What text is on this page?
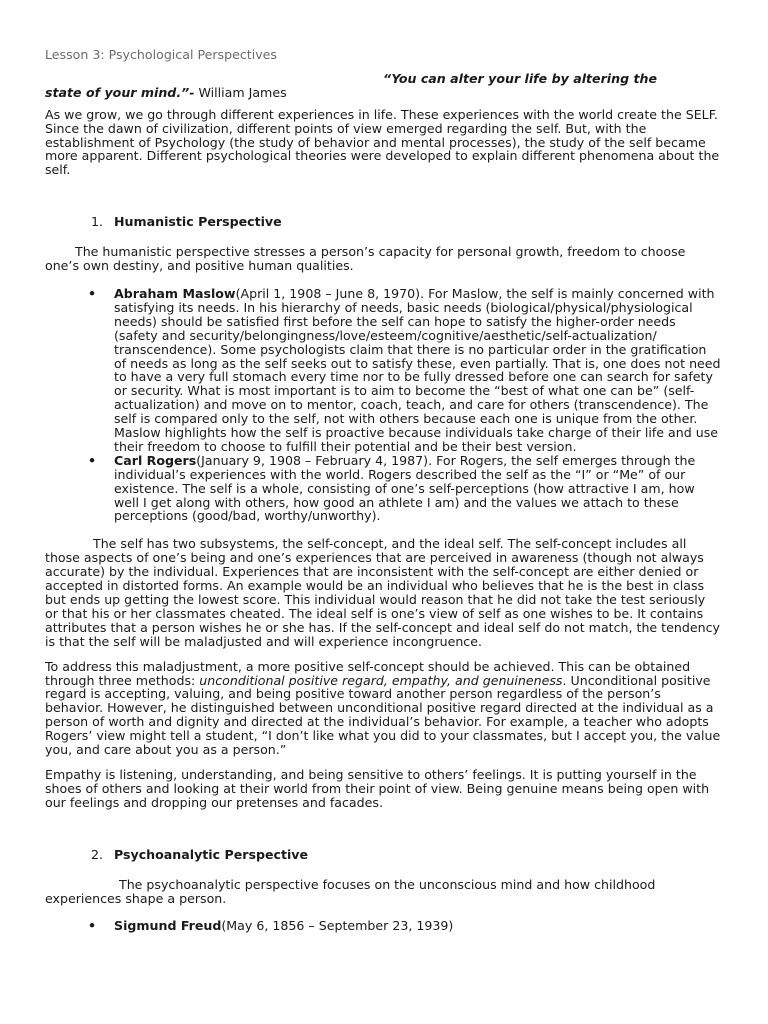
Lesson 3: Psychological Perspectives
“You can alter your life by altering the
state of your mind.”- William James

As we grow, we go through different experiences in life. These experiences with the world create the SELF. Since the dawn of civilization, different points of view emerged regarding the self. But, with the establishment of Psychology (the study of behavior and mental processes), the study of the self became more apparent. Different psychological theories were developed to explain different phenomena about the self.

1. Humanistic Perspective

The humanistic perspective stresses a person’s capacity for personal growth, freedom to choose one’s own destiny, and positive human qualities.

• Abraham Maslow(April 1, 1908 – June 8, 1970). For Maslow, the self is mainly concerned with satisfying its needs. In his hierarchy of needs, basic needs (biological/physical/physiological needs) should be satisfied first before the self can hope to satisfy the higher-order needs (safety and security/belongingness/love/esteem/cognitive/aesthetic/self-actualization/ transcendence). Some psychologists claim that there is no particular order in the gratification of needs as long as the self seeks out to satisfy these, even partially. That is, one does not need to have a very full stomach every time nor to be fully dressed before one can search for safety or security. What is most important is to aim to become the “best of what one can be” (self-actualization) and move on to mentor, coach, teach, and care for others (transcendence). The self is compared only to the self, not with others because each one is unique from the other. Maslow highlights how the self is proactive because individuals take charge of their life and use their freedom to choose to fulfill their potential and be their best version.
• Carl Rogers(January 9, 1908 – February 4, 1987). For Rogers, the self emerges through the individual’s experiences with the world. Rogers described the self as the “I” or “Me” of our existence. The self is a whole, consisting of one’s self-perceptions (how attractive I am, how well I get along with others, how good an athlete I am) and the values we attach to these perceptions (good/bad, worthy/unworthy).

The self has two subsystems, the self-concept, and the ideal self. The self-concept includes all those aspects of one’s being and one’s experiences that are perceived in awareness (though not always accurate) by the individual. Experiences that are inconsistent with the self-concept are either denied or accepted in distorted forms. An example would be an individual who believes that he is the best in class but ends up getting the lowest score. This individual would reason that he did not take the test seriously or that his or her classmates cheated. The ideal self is one’s view of self as one wishes to be. It contains attributes that a person wishes he or she has. If the self-concept and ideal self do not match, the tendency is that the self will be maladjusted and will experience incongruence.

To address this maladjustment, a more positive self-concept should be achieved. This can be obtained through three methods: unconditional positive regard, empathy, and genuineness. Unconditional positive regard is accepting, valuing, and being positive toward another person regardless of the person’s behavior. However, he distinguished between unconditional positive regard directed at the individual as a person of worth and dignity and directed at the individual’s behavior. For example, a teacher who adopts Rogers’ view might tell a student, “I don’t like what you did to your classmates, but I accept you, the value you, and care about you as a person.”

Empathy is listening, understanding, and being sensitive to others’ feelings. It is putting yourself in the shoes of others and looking at their world from their point of view. Being genuine means being open with our feelings and dropping our pretenses and facades.

2. Psychoanalytic Perspective

The psychoanalytic perspective focuses on the unconscious mind and how childhood experiences shape a person.

• Sigmund Freud(May 6, 1856 – September 23, 1939)
